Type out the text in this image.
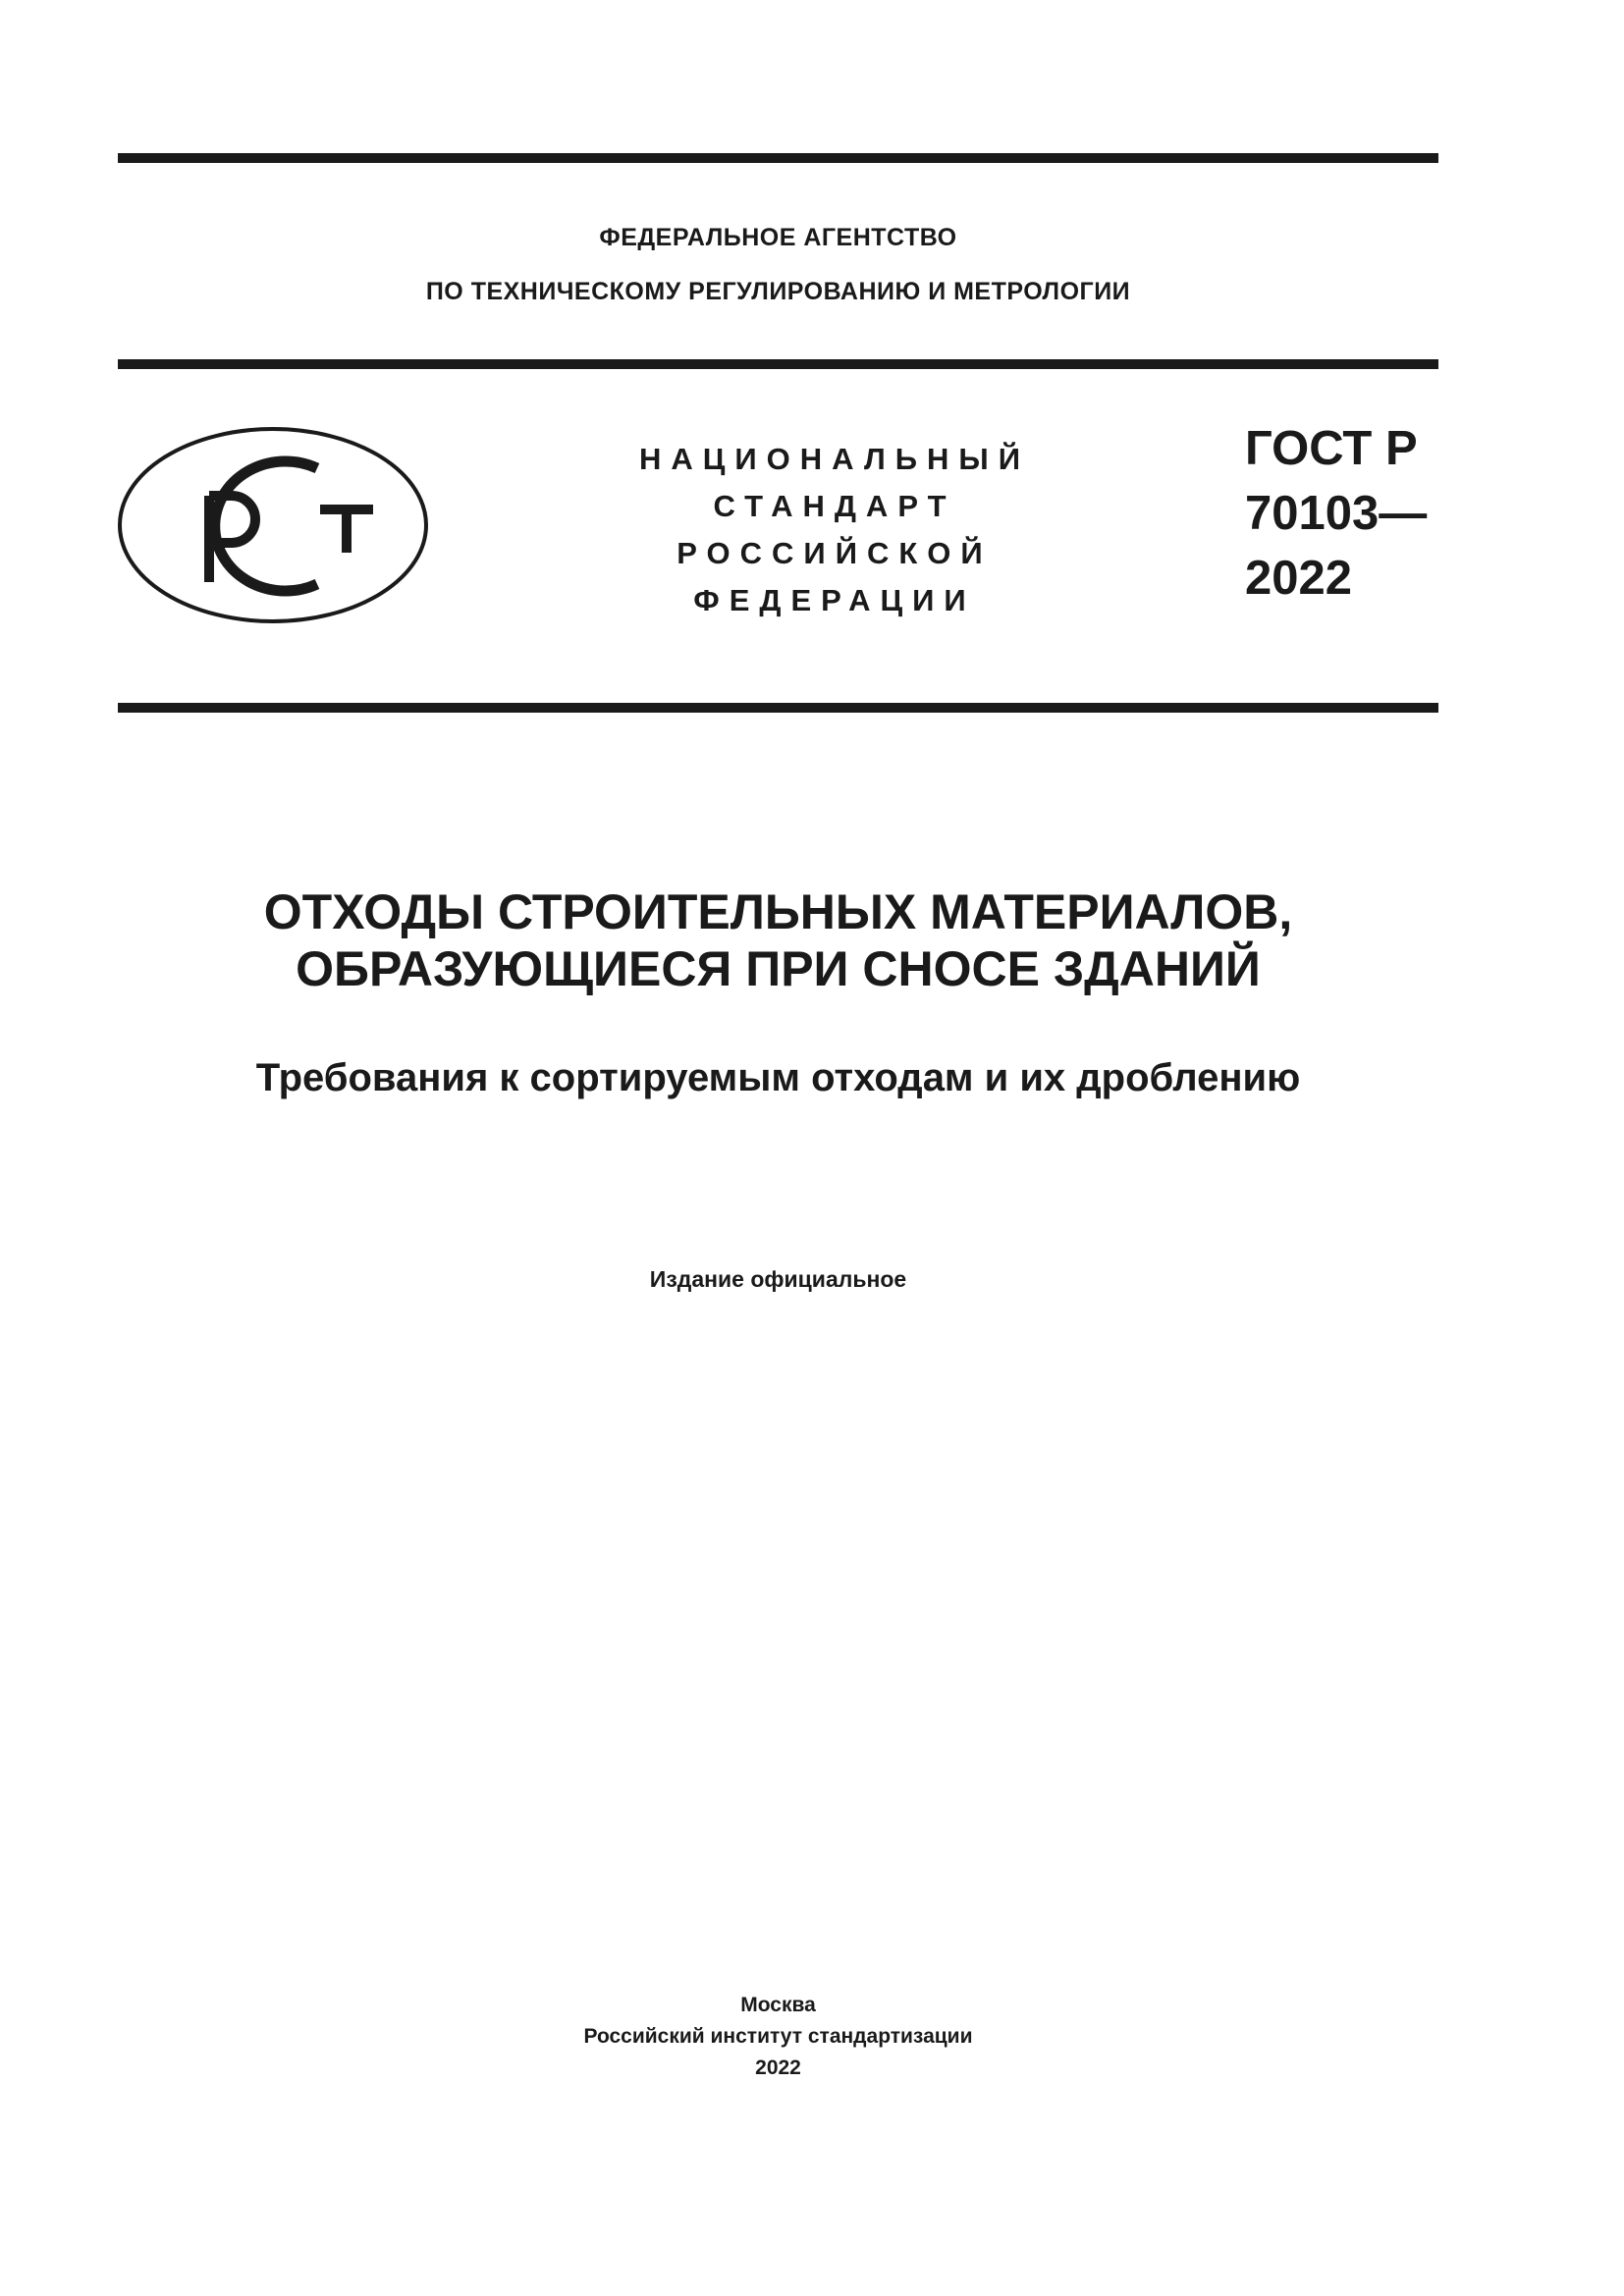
ФЕДЕРАЛЬНОЕ АГЕНТСТВО
ПО ТЕХНИЧЕСКОМУ РЕГУЛИРОВАНИЮ И МЕТРОЛОГИИ
НАЦИОНАЛЬНЫЙ
СТАНДАРТ
РОССИЙСКОЙ
ФЕДЕРАЦИИ
ГОСТ Р
70103—
2022
ОТХОДЫ СТРОИТЕЛЬНЫХ МАТЕРИАЛОВ,
ОБРАЗУЮЩИЕСЯ ПРИ СНОСЕ ЗДАНИЙ
Требования к сортируемым отходам и их дроблению
Издание официальное
Москва
Российский институт стандартизации
2022
